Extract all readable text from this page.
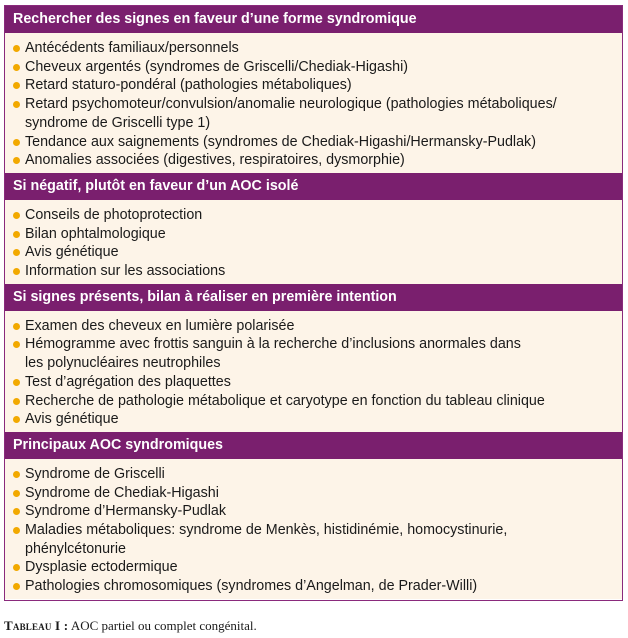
Rechercher des signes en faveur d’une forme syndromique
Antécédents familiaux/personnels
Cheveux argentés (syndromes de Griscelli/Chediak-Higashi)
Retard staturo-pondéral (pathologies métaboliques)
Retard psychomoteur/convulsion/anomalie neurologique (pathologies métaboliques/
syndrome de Griscelli type 1)
Tendance aux saignements (syndromes de Chediak-Higashi/Hermansky-Pudlak)
Anomalies associées (digestives, respiratoires, dysmorphie)
Si négatif, plutôt en faveur d’un AOC isolé
Conseils de photoprotection
Bilan ophtalmologique
Avis génétique
Information sur les associations
Si signes présents, bilan à réaliser en première intention
Examen des cheveux en lumière polarisée
Hémogramme avec frottis sanguin à la recherche d’inclusions anormales dans
les polynucléaires neutrophiles
Test d’agrégation des plaquettes
Recherche de pathologie métabolique et caryotype en fonction du tableau clinique
Avis génétique
Principaux AOC syndromiques
Syndrome de Griscelli
Syndrome de Chediak-Higashi
Syndrome d’Hermansky-Pudlak
Maladies métaboliques: syndrome de Menkès, histidinémie, homocystinurie,
phénylcétonurie
Dysplasie ectodermique
Pathologies chromosomiques (syndromes d’Angelman, de Prader-Willi)
Tableau I : AOC partiel ou complet congénital.
